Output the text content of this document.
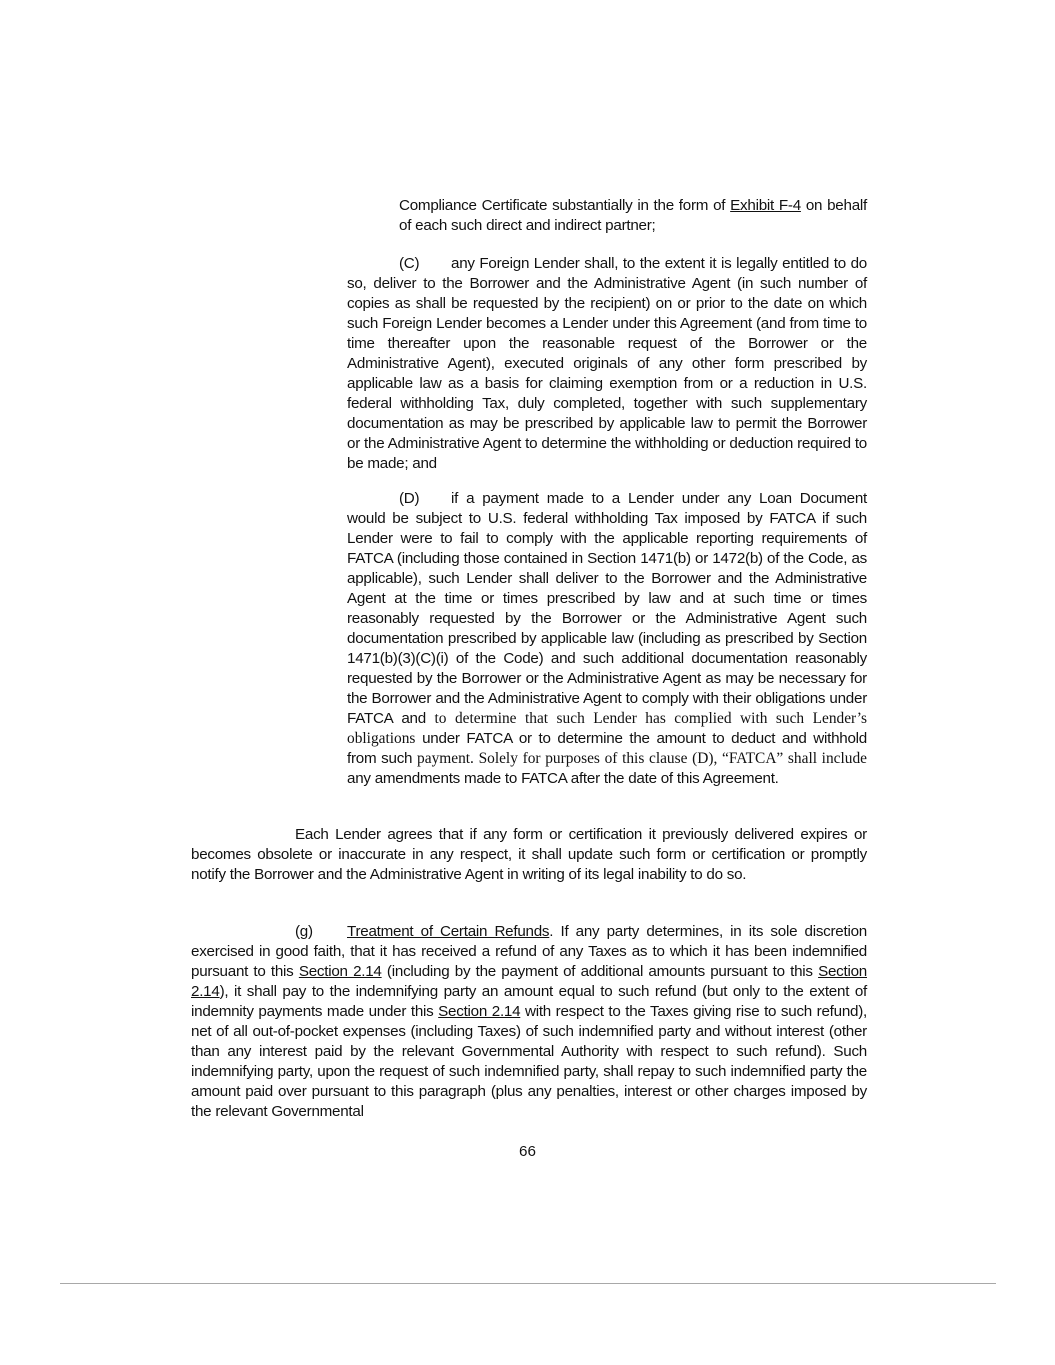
Compliance Certificate substantially in the form of Exhibit F-4 on behalf of each such direct and indirect partner;
(C) any Foreign Lender shall, to the extent it is legally entitled to do so, deliver to the Borrower and the Administrative Agent (in such number of copies as shall be requested by the recipient) on or prior to the date on which such Foreign Lender becomes a Lender under this Agreement (and from time to time thereafter upon the reasonable request of the Borrower or the Administrative Agent), executed originals of any other form prescribed by applicable law as a basis for claiming exemption from or a reduction in U.S. federal withholding Tax, duly completed, together with such supplementary documentation as may be prescribed by applicable law to permit the Borrower or the Administrative Agent to determine the withholding or deduction required to be made; and
(D) if a payment made to a Lender under any Loan Document would be subject to U.S. federal withholding Tax imposed by FATCA if such Lender were to fail to comply with the applicable reporting requirements of FATCA (including those contained in Section 1471(b) or 1472(b) of the Code, as applicable), such Lender shall deliver to the Borrower and the Administrative Agent at the time or times prescribed by law and at such time or times reasonably requested by the Borrower or the Administrative Agent such documentation prescribed by applicable law (including as prescribed by Section 1471(b)(3)(C)(i) of the Code) and such additional documentation reasonably requested by the Borrower or the Administrative Agent as may be necessary for the Borrower and the Administrative Agent to comply with their obligations under FATCA and to determine that such Lender has complied with such Lender’s obligations under FATCA or to determine the amount to deduct and withhold from such payment. Solely for purposes of this clause (D), “FATCA” shall include any amendments made to FATCA after the date of this Agreement.
Each Lender agrees that if any form or certification it previously delivered expires or becomes obsolete or inaccurate in any respect, it shall update such form or certification or promptly notify the Borrower and the Administrative Agent in writing of its legal inability to do so.
(g) Treatment of Certain Refunds. If any party determines, in its sole discretion exercised in good faith, that it has received a refund of any Taxes as to which it has been indemnified pursuant to this Section 2.14 (including by the payment of additional amounts pursuant to this Section 2.14), it shall pay to the indemnifying party an amount equal to such refund (but only to the extent of indemnity payments made under this Section 2.14 with respect to the Taxes giving rise to such refund), net of all out-of-pocket expenses (including Taxes) of such indemnified party and without interest (other than any interest paid by the relevant Governmental Authority with respect to such refund). Such indemnifying party, upon the request of such indemnified party, shall repay to such indemnified party the amount paid over pursuant to this paragraph (plus any penalties, interest or other charges imposed by the relevant Governmental
66
